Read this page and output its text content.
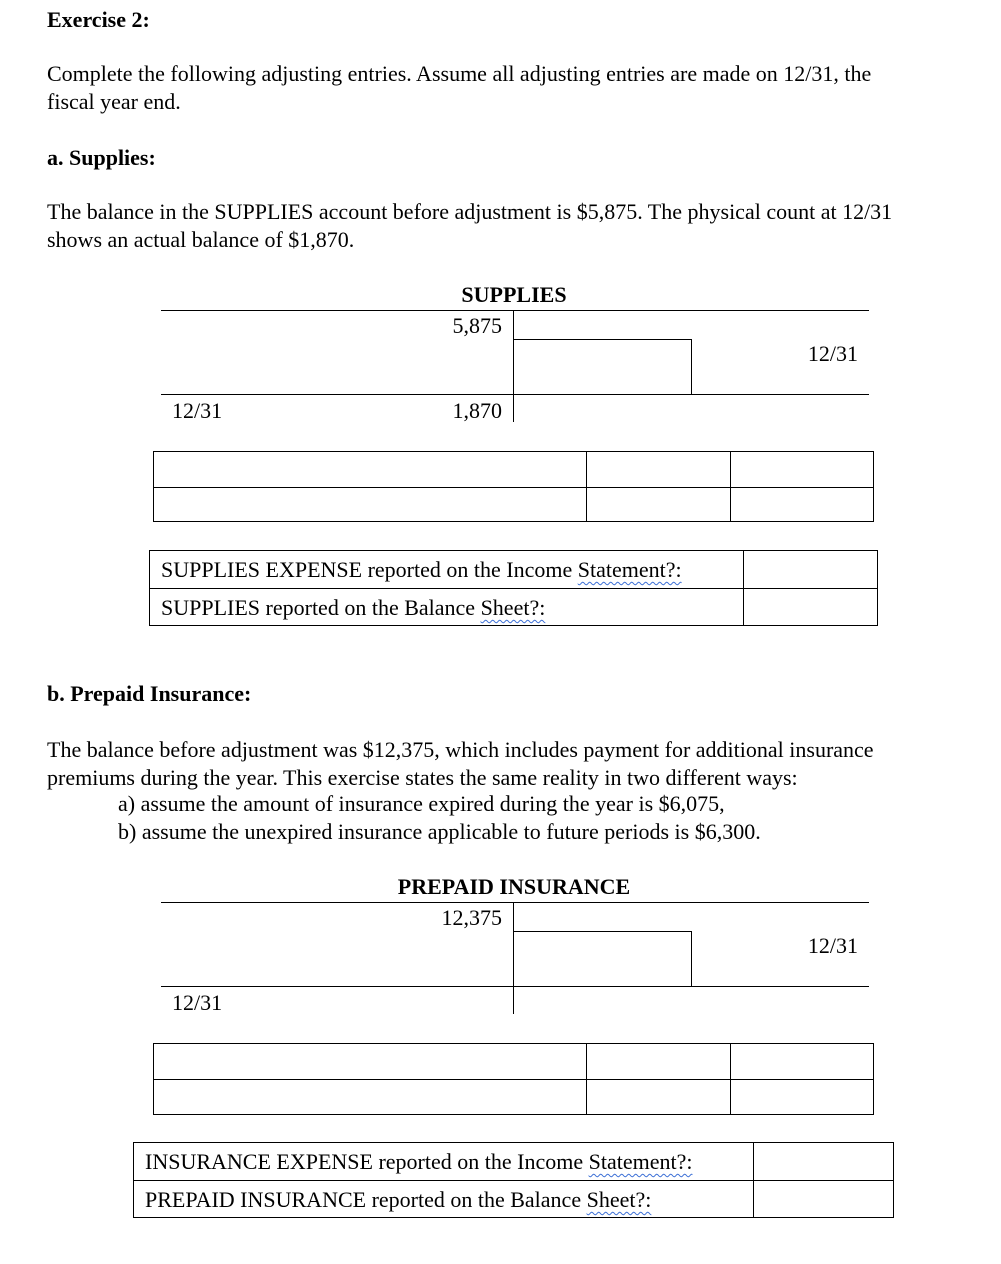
Exercise 2:
Complete the following adjusting entries. Assume all adjusting entries are made on 12/31, the
fiscal year end.
a. Supplies:
The balance in the SUPPLIES account before adjustment is $5,875. The physical count at 12/31
shows an actual balance of $1,870.
SUPPLIES
5,875
12/31
12/31	1,870
SUPPLIES EXPENSE reported on the Income Statement?:
SUPPLIES reported on the Balance Sheet?:
b. Prepaid Insurance:
The balance before adjustment was $12,375, which includes payment for additional insurance
premiums during the year. This exercise states the same reality in two different ways:
a) assume the amount of insurance expired during the year is $6,075,
b) assume the unexpired insurance applicable to future periods is $6,300.
PREPAID INSURANCE
12,375
12/31
12/31
INSURANCE EXPENSE reported on the Income Statement?:
PREPAID INSURANCE reported on the Balance Sheet?:
